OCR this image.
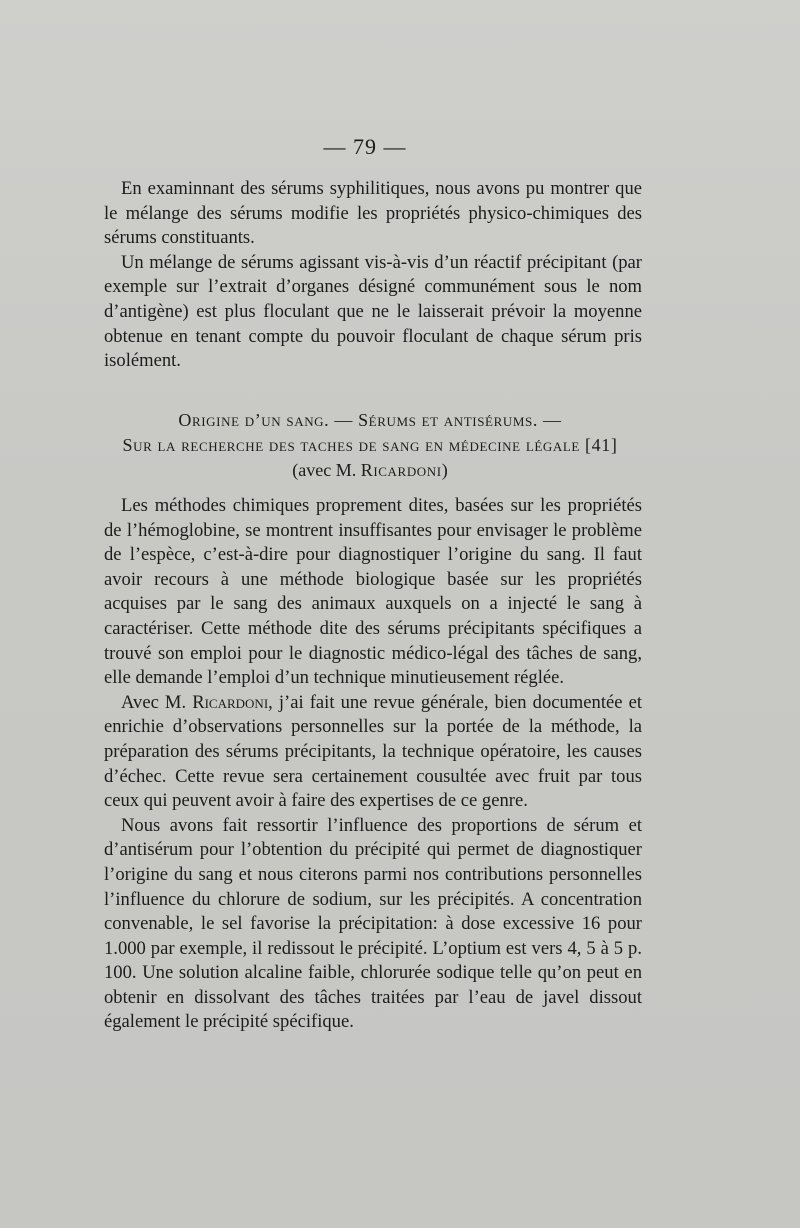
— 79 —

En examinnant des sérums syphilitiques, nous avons pu montrer que le mélange des sérums modifie les propriétés physico-chimiques des sérums constituants.

Un mélange de sérums agissant vis-à-vis d’un réactif précipitant (par exemple sur l’extrait d’organes désigné communément sous le nom d’antigène) est plus floculant que ne le laisserait prévoir la moyenne obtenue en tenant compte du pouvoir floculant de chaque sérum pris isolément.

Origine d’un sang. — Sérums et antisérums. —
Sur la recherche des taches de sang en médecine légale [41]
(avec M. Ricardoni)

Les méthodes chimiques proprement dites, basées sur les propriétés de l’hémoglobine, se montrent insuffisantes pour envisager le problème de l’espèce, c’est-à-dire pour diagnostiquer l’origine du sang. Il faut avoir recours à une méthode biologique basée sur les propriétés acquises par le sang des animaux auxquels on a injecté le sang à caractériser. Cette méthode dite des sérums précipitants spécifiques a trouvé son emploi pour le diagnostic médico-légal des tâches de sang, elle demande l’emploi d’un technique minutieusement réglée.

Avec M. Ricardoni, j’ai fait une revue générale, bien documentée et enrichie d’observations personnelles sur la portée de la méthode, la préparation des sérums précipitants, la technique opératoire, les causes d’échec. Cette revue sera certainement cousultée avec fruit par tous ceux qui peuvent avoir à faire des expertises de ce genre.

Nous avons fait ressortir l’influence des proportions de sérum et d’antisérum pour l’obtention du précipité qui permet de diagnostiquer l’origine du sang et nous citerons parmi nos contributions personnelles l’influence du chlorure de sodium, sur les précipités. A concentration convenable, le sel favorise la précipitation: à dose excessive 16 pour 1.000 par exemple, il redissout le précipité. L’optium est vers 4, 5 à 5 p. 100. Une solution alcaline faible, chlorurée sodique telle qu’on peut en obtenir en dissolvant des tâches traitées par l’eau de javel dissout également le précipité spécifique.
